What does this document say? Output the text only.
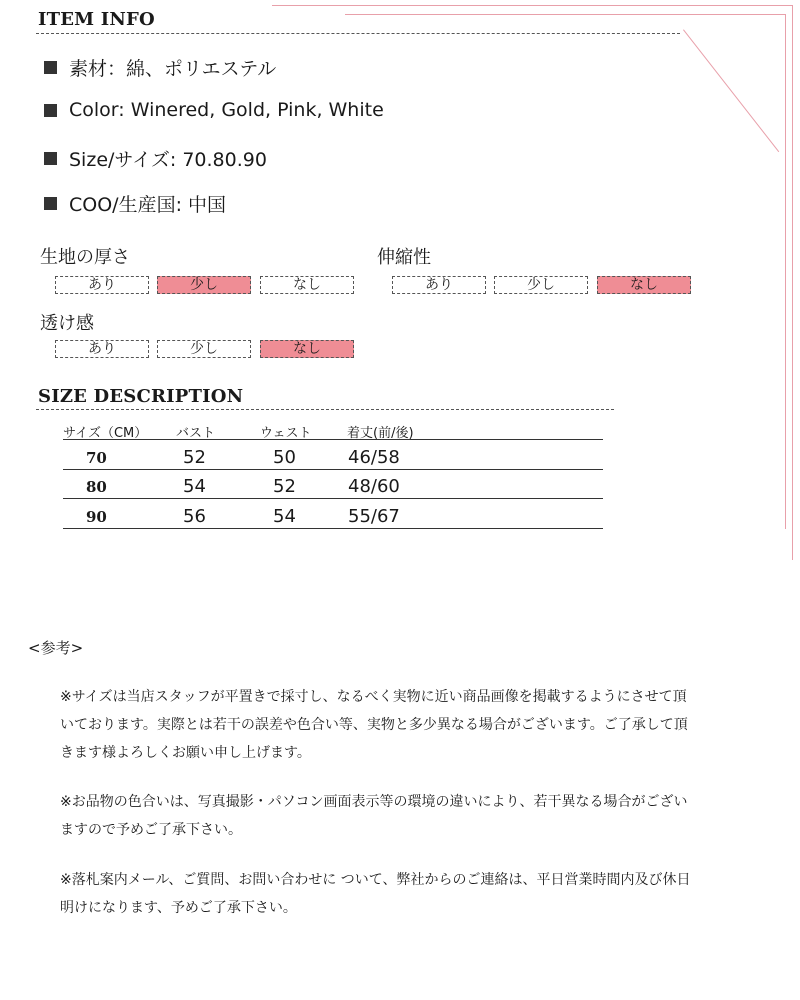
ITEM INFO
素材：綿、ポリエステル
Color: Winered, Gold, Pink, White
Size/サイズ: 70.80.90
COO/生産国: 中国
生地の厚さ
あり	少し	なし
伸縮性
あり	少し	なし
透け感
あり	少し	なし
SIZE DESCRIPTION
サイズ（CM） バスト	ウェスト	着丈(前/後)
70	52	50	46/58
80	54	52	48/60
90	56	54	55/67
<参考>
※サイズは当店スタッフが平置きで採寸し、なるべく実物に近い商品画像を掲載するようにさせて頂いております。実際とは若干の誤差や色合い等、実物と多少異なる場合がございます。ご了承して頂きます様よろしくお願い申し上げます。
※お品物の色合いは、写真撮影・パソコン画面表示等の環境の違いにより、若干異なる場合がございますので予めご了承下さい。
※落札案内メール、ご質問、お問い合わせに ついて、弊社からのご連絡は、平日営業時間内及び休日明けになります、予めご了承下さい。
